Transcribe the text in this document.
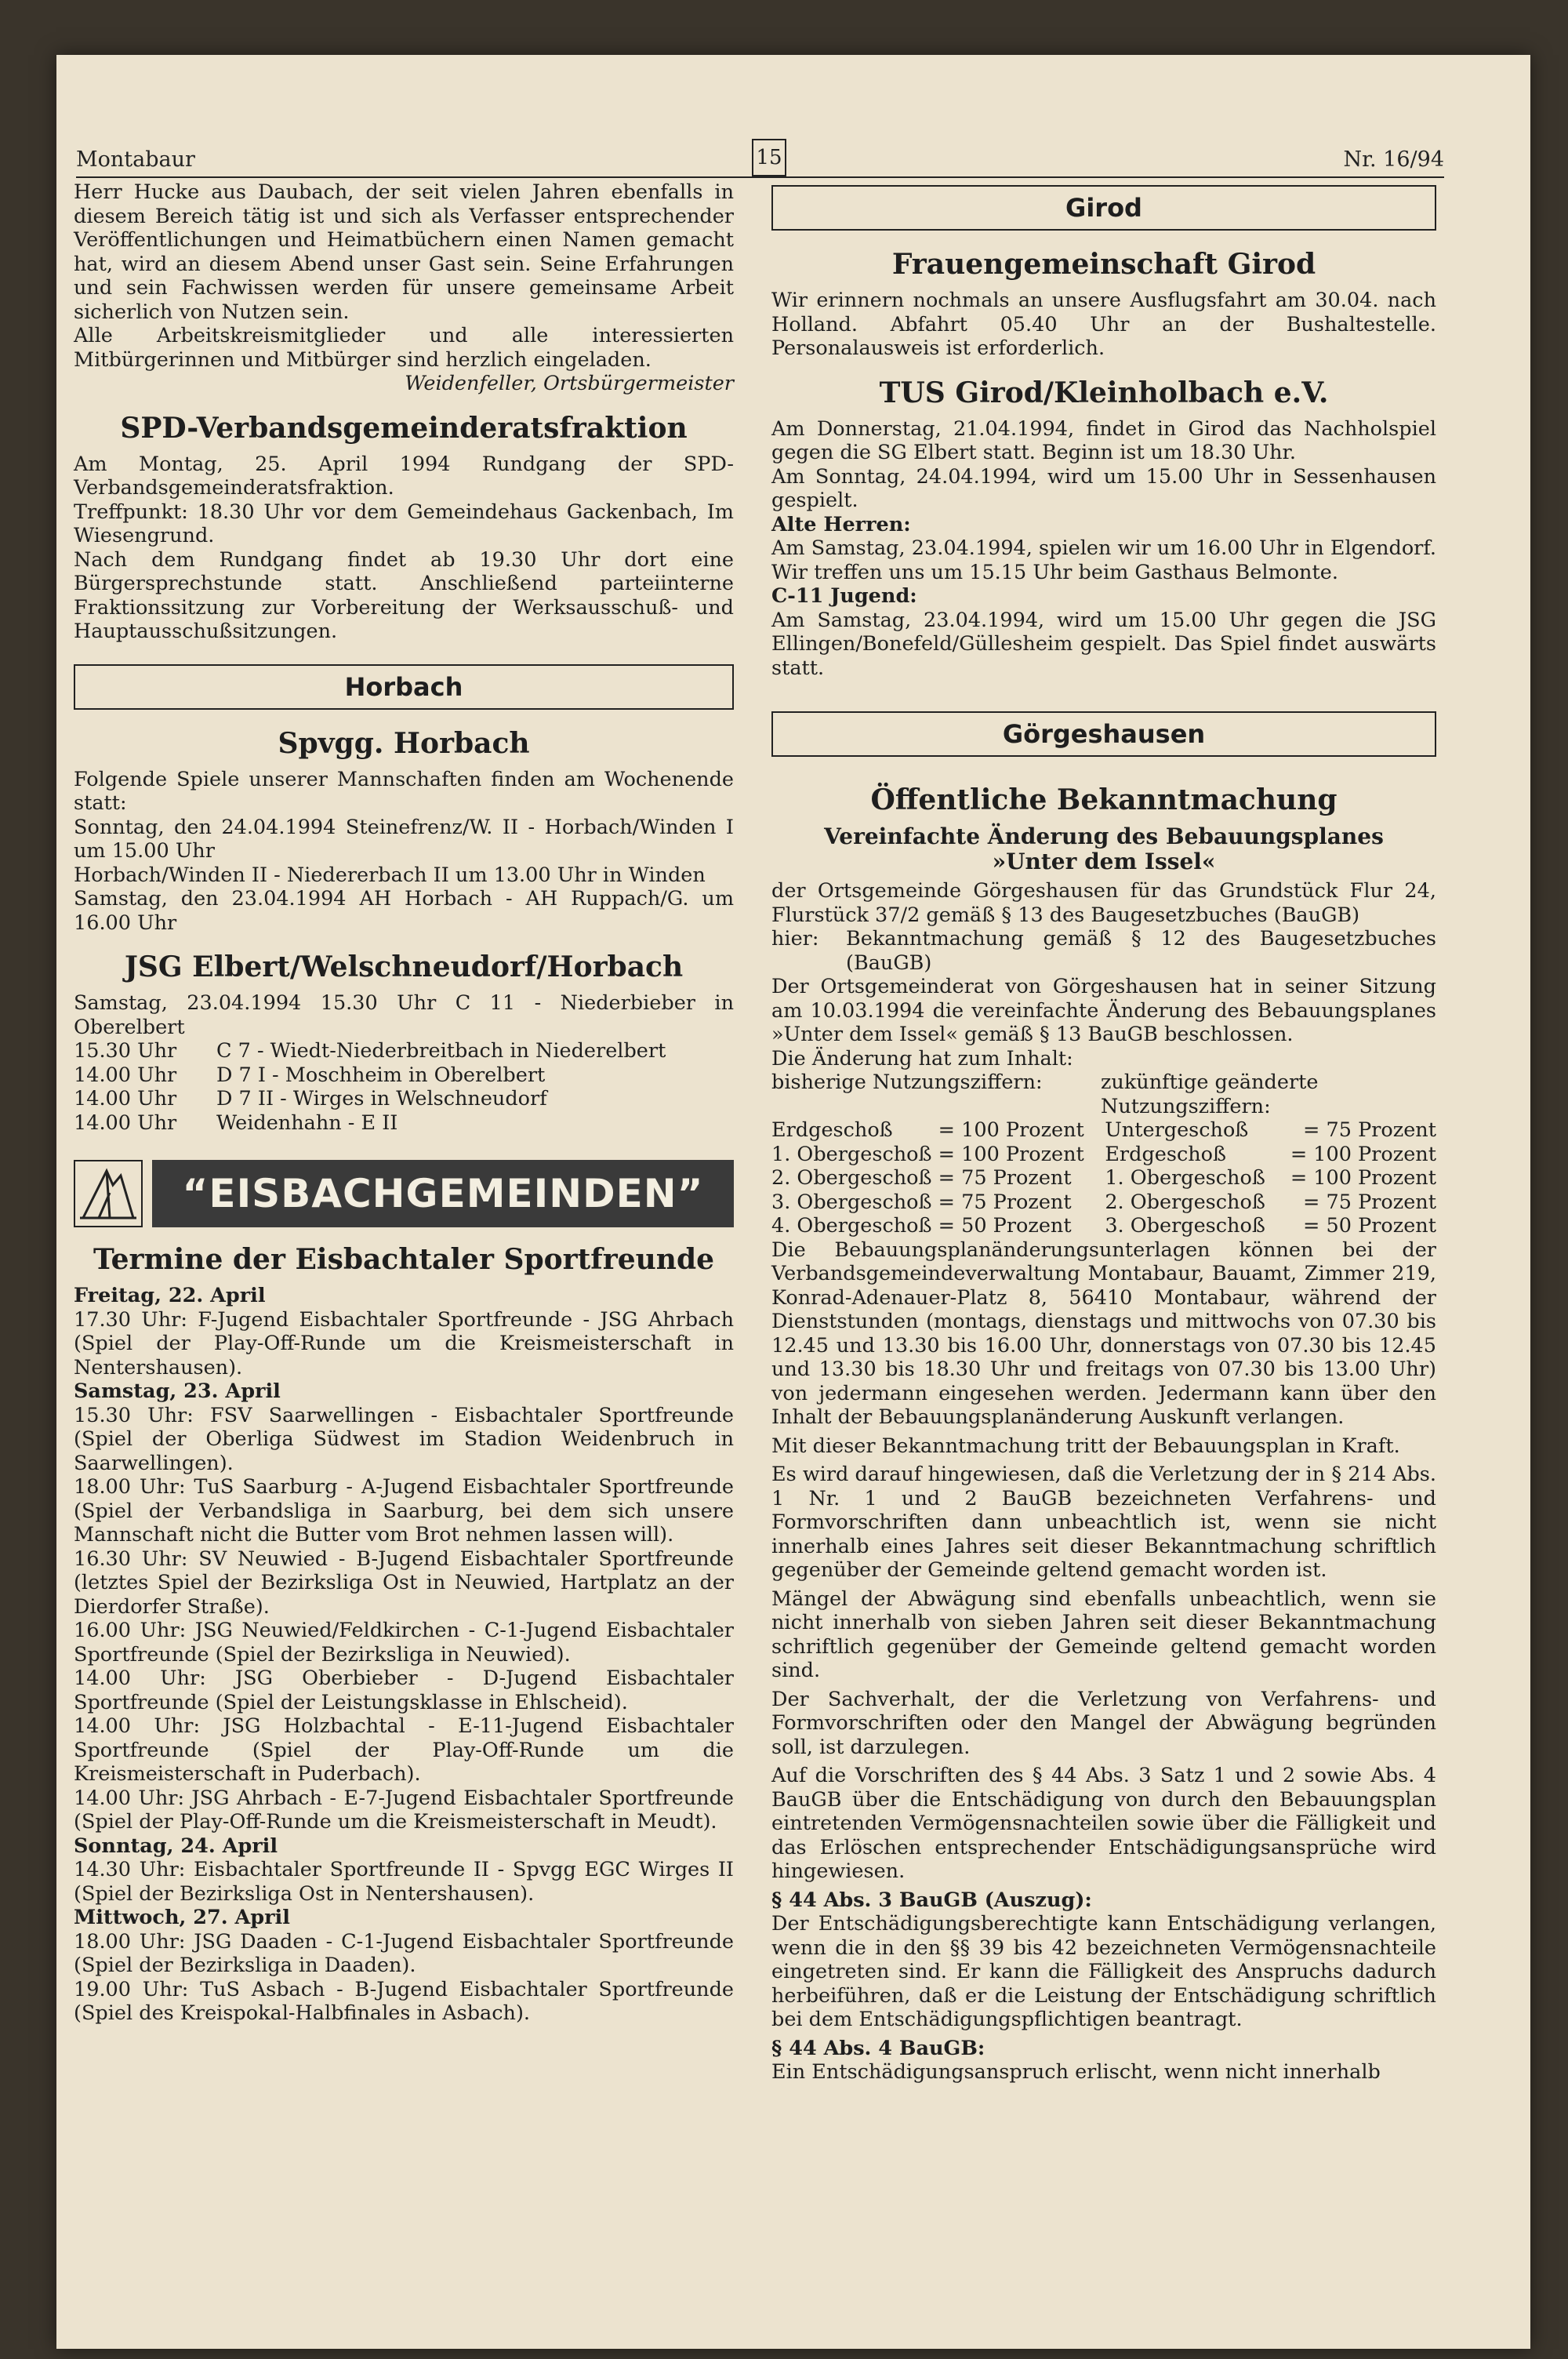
Montabaur	15	Nr. 16/94

Herr Hucke aus Daubach, der seit vielen Jahren ebenfalls in diesem Bereich tätig ist und sich als Verfasser entsprechender Veröffentlichungen und Heimatbüchern einen Namen gemacht hat, wird an diesem Abend unser Gast sein. Seine Erfahrungen und sein Fachwissen werden für unsere gemeinsame Arbeit sicherlich von Nutzen sein.

Alle Arbeitskreismitglieder und alle interessierten Mitbürgerinnen und Mitbürger sind herzlich eingeladen.

Weidenfeller, Ortsbürgermeister

SPD-Verbandsgemeinderatsfraktion

Am Montag, 25. April 1994 Rundgang der SPD-Verbandsgemeinderatsfraktion.

Treffpunkt: 18.30 Uhr vor dem Gemeindehaus Gackenbach, Im Wiesengrund.

Nach dem Rundgang findet ab 19.30 Uhr dort eine Bürgersprechstunde statt. Anschließend parteiinterne Fraktionssitzung zur Vorbereitung der Werksausschuß- und Hauptausschußsitzungen.

Horbach
Spvgg. Horbach

Folgende Spiele unserer Mannschaften finden am Wochenende statt:

Sonntag, den 24.04.1994 Steinefrenz/W. II - Horbach/Winden I um 15.00 Uhr

Horbach/Winden II - Niedererbach II um 13.00 Uhr in Winden

Samstag, den 23.04.1994 AH Horbach - AH Ruppach/G. um 16.00 Uhr

JSG Elbert/Welschneudorf/Horbach

Samstag, 23.04.1994 15.30 Uhr C 11 - Niederbieber in Oberelbert

15.30 Uhr	C 7 - Wiedt-Niederbreitbach in Niederelbert
14.00 Uhr	D 7 I - Moschheim in Oberelbert
14.00 Uhr	D 7 II - Wirges in Welschneudorf
14.00 Uhr	Weidenhahn - E II
“EISBACHGEMEINDEN”
Termine der Eisbachtaler Sportfreunde

Freitag, 22. April

17.30 Uhr: F-Jugend Eisbachtaler Sportfreunde - JSG Ahrbach (Spiel der Play-Off-Runde um die Kreismeisterschaft in Nentershausen).

Samstag, 23. April

15.30 Uhr: FSV Saarwellingen - Eisbachtaler Sportfreunde (Spiel der Oberliga Südwest im Stadion Weidenbruch in Saarwellingen).

18.00 Uhr: TuS Saarburg - A-Jugend Eisbachtaler Sportfreunde (Spiel der Verbandsliga in Saarburg, bei dem sich unsere Mannschaft nicht die Butter vom Brot nehmen lassen will).

16.30 Uhr: SV Neuwied - B-Jugend Eisbachtaler Sportfreunde (letztes Spiel der Bezirksliga Ost in Neuwied, Hartplatz an der Dierdorfer Straße).

16.00 Uhr: JSG Neuwied/Feldkirchen - C-1-Jugend Eisbachtaler Sportfreunde (Spiel der Bezirksliga in Neuwied).

14.00 Uhr: JSG Oberbieber - D-Jugend Eisbachtaler Sportfreunde (Spiel der Leistungsklasse in Ehlscheid).

14.00 Uhr: JSG Holzbachtal - E-11-Jugend Eisbachtaler Sportfreunde (Spiel der Play-Off-Runde um die Kreismeisterschaft in Puderbach).

14.00 Uhr: JSG Ahrbach - E-7-Jugend Eisbachtaler Sportfreunde (Spiel der Play-Off-Runde um die Kreismeisterschaft in Meudt).

Sonntag, 24. April

14.30 Uhr: Eisbachtaler Sportfreunde II - Spvgg EGC Wirges II (Spiel der Bezirksliga Ost in Nentershausen).

Mittwoch, 27. April

18.00 Uhr: JSG Daaden - C-1-Jugend Eisbachtaler Sportfreunde (Spiel der Bezirksliga in Daaden).

19.00 Uhr: TuS Asbach - B-Jugend Eisbachtaler Sportfreunde (Spiel des Kreispokal-Halbfinales in Asbach).

Girod
Frauengemeinschaft Girod

Wir erinnern nochmals an unsere Ausflugsfahrt am 30.04. nach Holland. Abfahrt 05.40 Uhr an der Bushaltestelle. Personalausweis ist erforderlich.

TUS Girod/Kleinholbach e.V.

Am Donnerstag, 21.04.1994, findet in Girod das Nachholspiel gegen die SG Elbert statt. Beginn ist um 18.30 Uhr.

Am Sonntag, 24.04.1994, wird um 15.00 Uhr in Sessenhausen gespielt.

Alte Herren:

Am Samstag, 23.04.1994, spielen wir um 16.00 Uhr in Elgendorf. Wir treffen uns um 15.15 Uhr beim Gasthaus Belmonte.

C-11 Jugend:

Am Samstag, 23.04.1994, wird um 15.00 Uhr gegen die JSG Ellingen/Bonefeld/Güllesheim gespielt. Das Spiel findet auswärts statt.

Görgeshausen
Öffentliche Bekanntmachung
Vereinfachte Änderung des Bebauungsplanes
»Unter dem Issel«

der Ortsgemeinde Görgeshausen für das Grundstück Flur 24, Flurstück 37/2 gemäß § 13 des Baugesetzbuches (BauGB)

hier:	Bekanntmachung gemäß § 12 des Baugesetzbuches (BauGB)

Der Ortsgemeinderat von Görgeshausen hat in seiner Sitzung am 10.03.1994 die vereinfachte Änderung des Bebauungsplanes »Unter dem Issel« gemäß § 13 BauGB beschlossen.

Die Änderung hat zum Inhalt:

bisherige Nutzungsziffern:	zukünftige geänderte
Nutzungsziffern:
Erdgeschoß	= 100 Prozent	Untergeschoß	= 75 Prozent
1. Obergeschoß = 100 Prozent	Erdgeschoß	= 100 Prozent
2. Obergeschoß = 75 Prozent	1. Obergeschoß	= 100 Prozent
3. Obergeschoß = 75 Prozent	2. Obergeschoß	= 75 Prozent
4. Obergeschoß = 50 Prozent	3. Obergeschoß	= 50 Prozent

Die Bebauungsplanänderungsunterlagen können bei der Verbandsgemeindeverwaltung Montabaur, Bauamt, Zimmer 219, Konrad-Adenauer-Platz 8, 56410 Montabaur, während der Dienststunden (montags, dienstags und mittwochs von 07.30 bis 12.45 und 13.30 bis 16.00 Uhr, donnerstags von 07.30 bis 12.45 und 13.30 bis 18.30 Uhr und freitags von 07.30 bis 13.00 Uhr) von jedermann eingesehen werden. Jedermann kann über den Inhalt der Bebauungsplanänderung Auskunft verlangen.

Mit dieser Bekanntmachung tritt der Bebauungsplan in Kraft.

Es wird darauf hingewiesen, daß die Verletzung der in § 214 Abs. 1 Nr. 1 und 2 BauGB bezeichneten Verfahrens- und Formvorschriften dann unbeachtlich ist, wenn sie nicht innerhalb eines Jahres seit dieser Bekanntmachung schriftlich gegenüber der Gemeinde geltend gemacht worden ist.

Mängel der Abwägung sind ebenfalls unbeachtlich, wenn sie nicht innerhalb von sieben Jahren seit dieser Bekanntmachung schriftlich gegenüber der Gemeinde geltend gemacht worden sind.

Der Sachverhalt, der die Verletzung von Verfahrens- und Formvorschriften oder den Mangel der Abwägung begründen soll, ist darzulegen.

Auf die Vorschriften des § 44 Abs. 3 Satz 1 und 2 sowie Abs. 4 BauGB über die Entschädigung von durch den Bebauungsplan eintretenden Vermögensnachteilen sowie über die Fälligkeit und das Erlöschen entsprechender Entschädigungsansprüche wird hingewiesen.

§ 44 Abs. 3 BauGB (Auszug):

Der Entschädigungsberechtigte kann Entschädigung verlangen, wenn die in den §§ 39 bis 42 bezeichneten Vermögensnachteile eingetreten sind. Er kann die Fälligkeit des Anspruchs dadurch herbeiführen, daß er die Leistung der Entschädigung schriftlich bei dem Entschädigungspflichtigen beantragt.

§ 44 Abs. 4 BauGB:

Ein Entschädigungsanspruch erlischt, wenn nicht innerhalb
